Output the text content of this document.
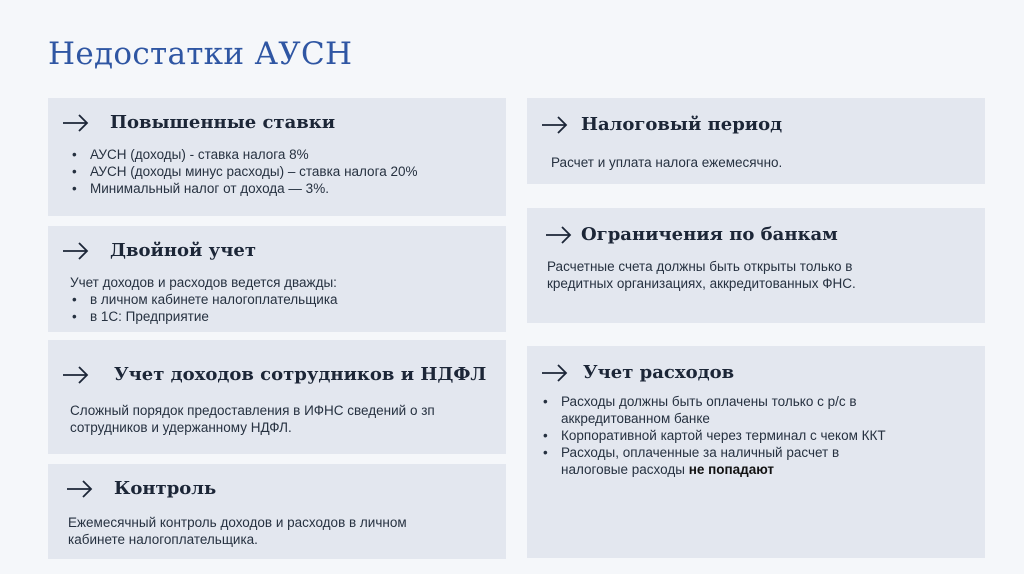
Недостатки АУСН
Повышенные ставки
• АУСН (доходы) - ставка налога 8%
• АУСН (доходы минус расходы) – ставка налога 20%
• Минимальный налог от дохода — 3%.
Двойной учет

Учет доходов и расходов ведется дважды:

• в личном кабинете налогоплательщика
• в 1С: Предприятие
Учет доходов сотрудников и НДФЛ

Сложный порядок предоставления в ИФНС сведений о зп

сотрудников и удержанному НДФЛ.

Контроль

Ежемесячный контроль доходов и расходов в личном

кабинете налогоплательщика.

Налоговый период

Расчет и уплата налога ежемесячно.

Ограничения по банкам

Расчетные счета должны быть открыты только в

кредитных организациях, аккредитованных ФНС.

Учет расходов
• Расходы должны быть оплачены только с р/с в аккредитованном банке
• Корпоративной картой через терминал с чеком ККТ
• Расходы, оплаченные за наличный расчет в
налоговые расходы не попадают
